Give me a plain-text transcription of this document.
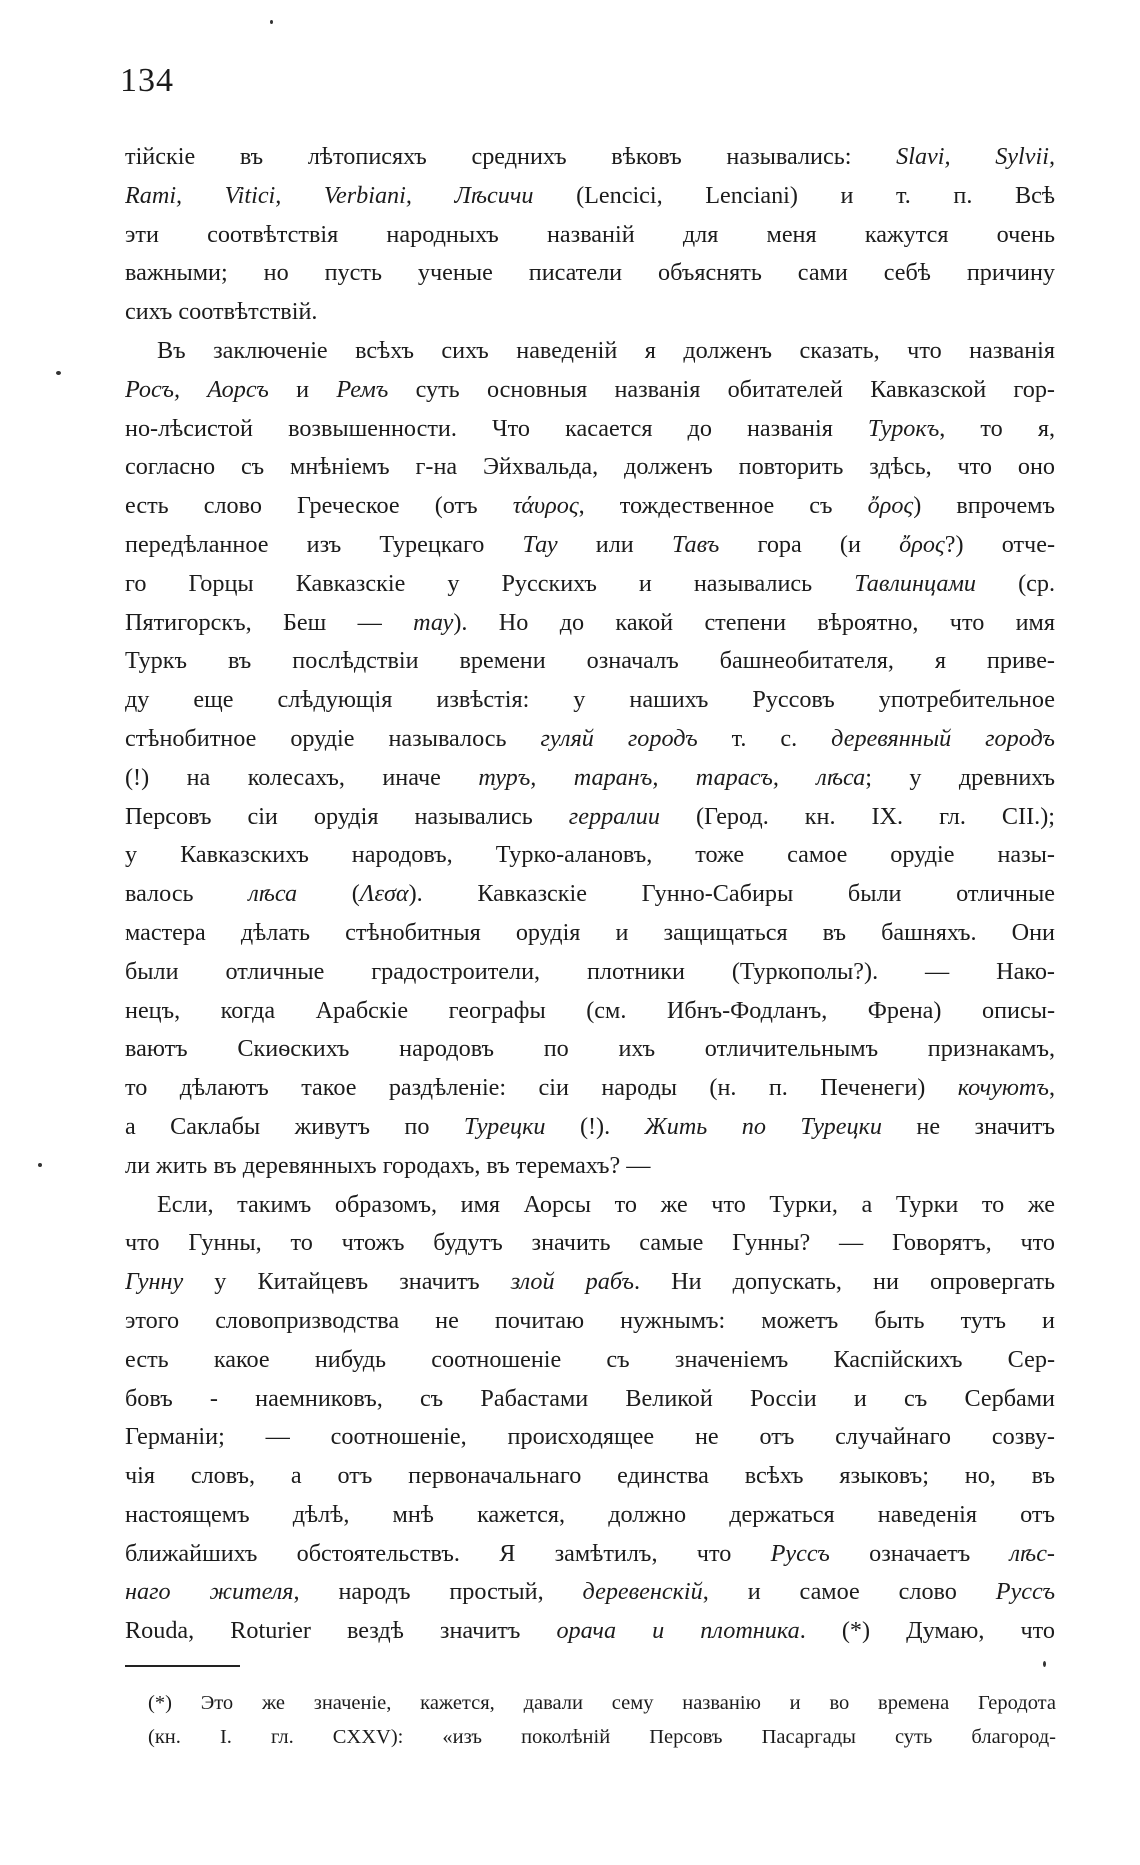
134
тійскіе въ лѣтописяхъ среднихъ вѣковъ назывались: Slavi, Sylvii,
Rami, Vitici, Verbiani, Лѣсичи (Lencici, Lenciani) и т. п. Всѣ
эти соотвѣтствія народныхъ названій для меня кажутся очень
важными; но пусть ученые писатели объяснять сами себѣ причину
сихъ соотвѣтствій.
Въ заключеніе всѣхъ сихъ наведеній я долженъ сказать, что названія
Росъ, Аорсъ и Ремъ суть основныя названія обитателей Кавказской гор-
но-лѣсистой возвышенности. Что касается до названія Турокъ, то я,
согласно съ мнѣніемъ г-на Эйхвальда, долженъ повторить здѣсь, что оно
есть слово Греческое (отъ τάυρος, тождественное съ ὄρος) впрочемъ
передѣланное изъ Турецкаго Тау или Тавъ гора (и ὄρος?) отче-
го Горцы Кавказскіе у Русскихъ и назывались Тавлинцами (ср.
Пятигорскъ, Беш — тау). Но до какой степени вѣроятно, что имя
Туркъ въ послѣдствіи времени означалъ башнеобитателя, я приве-
ду еще слѣдующія извѣстія: у нашихъ Руссовъ употребительное
стѣнобитное орудіе называлось гуляй городъ т. с. деревянный городъ
(!) на колесахъ, иначе туръ, таранъ, тарасъ, лѣса; у древнихъ
Персовъ сіи орудія назывались герралии (Герод. кн. IX. гл. CII.);
у Кавказскихъ народовъ, Турко-алановъ, тоже самое орудіе назы-
валось лѣса (Λεσα). Кавказскіе Гунно-Сабиры были отличные
мастера дѣлать стѣнобитныя орудія и защищаться въ башняхъ. Они
были отличные градостроители, плотники (Туркополы?). — Нако-
нецъ, когда Арабскіе географы (см. Ибнъ-Фодланъ, Френа) описы-
ваютъ Скиѳскихъ народовъ по ихъ отличительнымъ признакамъ,
то дѣлаютъ такое раздѣленіе: сіи народы (н. п. Печенеги) кочуютъ,
а Саклабы живутъ по Турецки (!). Жить по Турецки не значитъ
ли жить въ деревянныхъ городахъ, въ теремахъ? —
Если, такимъ образомъ, имя Аорсы то же что Турки, а Турки то же
что Гунны, то чтожъ будутъ значить самые Гунны? — Говорятъ, что
Гунну у Китайцевъ значитъ злой рабъ. Ни допускать, ни опровергать
этого словопризводства не почитаю нужнымъ: можетъ быть тутъ и
есть какое нибудь соотношеніе съ значеніемъ Каспійскихъ Сер-
бовъ - наемниковъ, съ Рабастами Великой Россіи и съ Сербами
Германіи; — соотношеніе, происходящее не отъ случайнаго созву-
чія словъ, а отъ первоначальнаго единства всѣхъ языковъ; но, въ
настоящемъ дѣлѣ, мнѣ кажется, должно держаться наведенія отъ
ближайшихъ обстоятельствъ. Я замѣтилъ, что Руссъ означаетъ лѣс-
наго жителя, народъ простый, деревенскій, и самое слово Руссъ
Rouda, Roturier вездѣ значитъ орача и плотника. (*) Думаю, что
(*) Это же значеніе, кажется, давали сему названію и во времена Геродота
(кн. I. гл. CXXV): «изъ поколѣній Персовъ Пасаргады суть благород-
